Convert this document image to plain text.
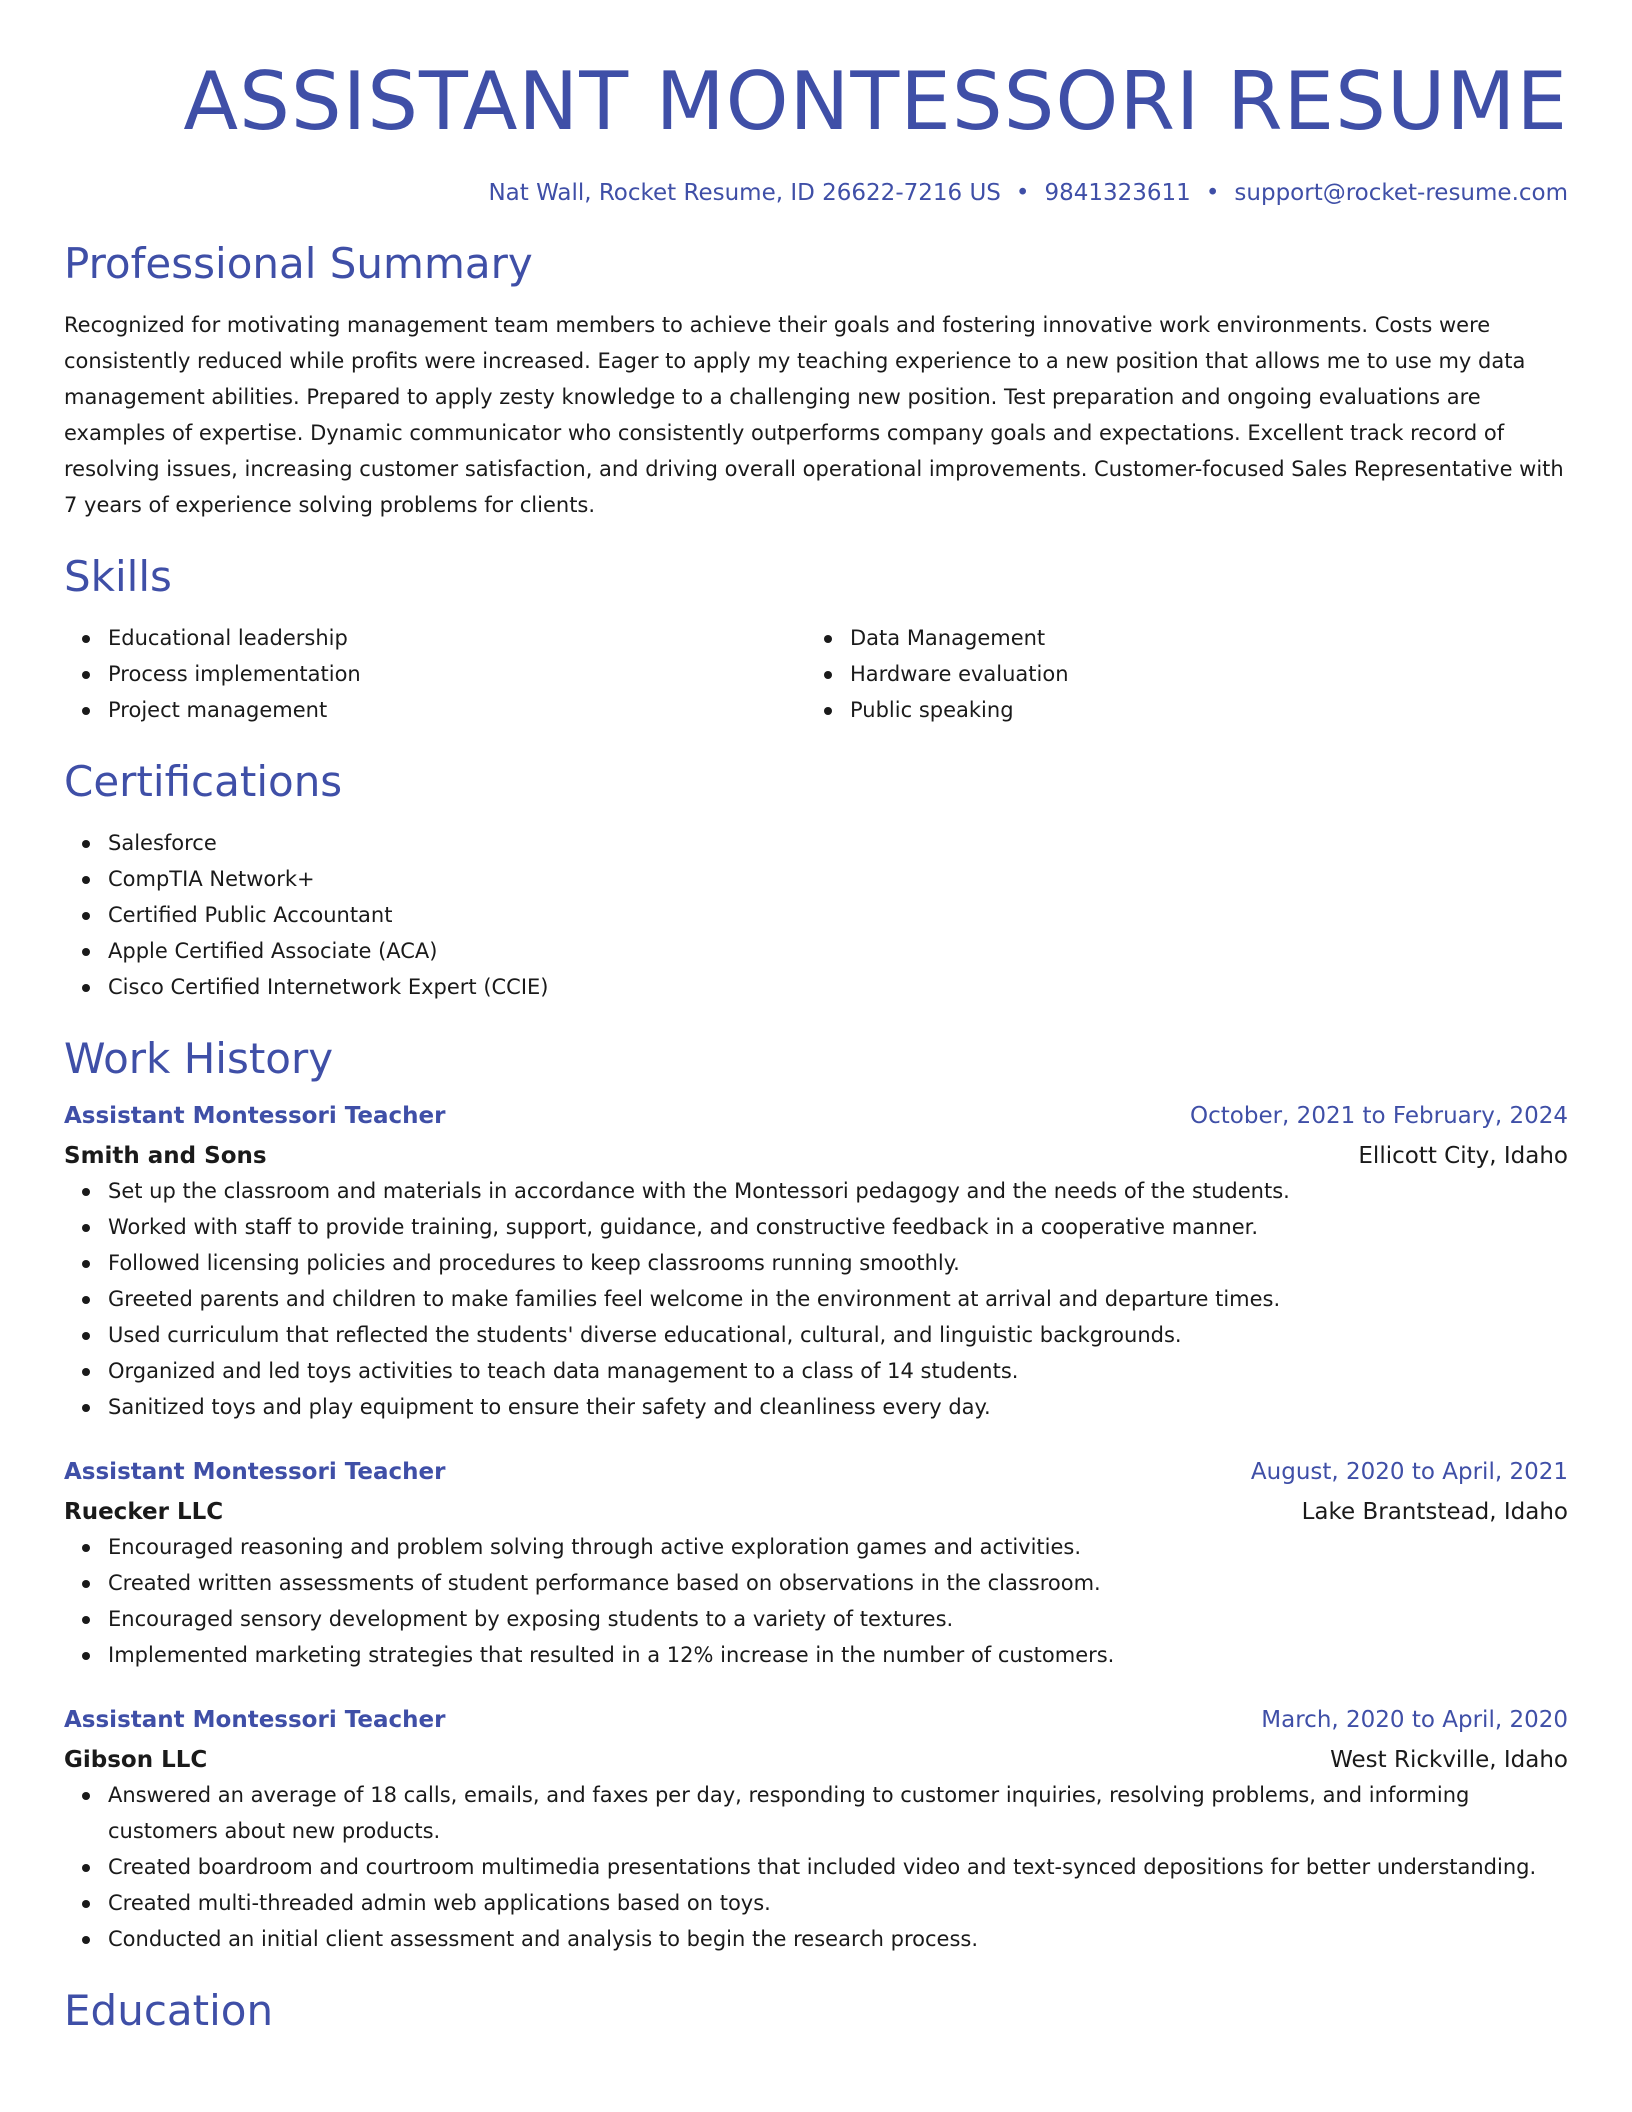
ASSISTANT MONTESSORI RESUME
Nat Wall, Rocket Resume, ID 26622-7216 US • 9841323611 • support@rocket-resume.com
Professional Summary

Recognized for motivating management team members to achieve their goals and fostering innovative work environments. Costs were consistently reduced while profits were increased. Eager to apply my teaching experience to a new position that allows me to use my data management abilities. Prepared to apply zesty knowledge to a challenging new position. Test preparation and ongoing evaluations are examples of expertise. Dynamic communicator who consistently outperforms company goals and expectations. Excellent track record of resolving issues, increasing customer satisfaction, and driving overall operational improvements. Customer-focused Sales Representative with 7 years of experience solving problems for clients.

Skills
Educational leadership
Process implementation
Project management
Data Management
Hardware evaluation
Public speaking
Certifications
Salesforce
CompTIA Network+
Certified Public Accountant
Apple Certified Associate (ACA)
Cisco Certified Internetwork Expert (CCIE)
Work History
Assistant Montessori Teacher	October, 2021 to February, 2024
Smith and Sons	Ellicott City, Idaho
Set up the classroom and materials in accordance with the Montessori pedagogy and the needs of the students.
Worked with staff to provide training, support, guidance, and constructive feedback in a cooperative manner.
Followed licensing policies and procedures to keep classrooms running smoothly.
Greeted parents and children to make families feel welcome in the environment at arrival and departure times.
Used curriculum that reflected the students' diverse educational, cultural, and linguistic backgrounds.
Organized and led toys activities to teach data management to a class of 14 students.
Sanitized toys and play equipment to ensure their safety and cleanliness every day.
Assistant Montessori Teacher	August, 2020 to April, 2021
Ruecker LLC	Lake Brantstead, Idaho
Encouraged reasoning and problem solving through active exploration games and activities.
Created written assessments of student performance based on observations in the classroom.
Encouraged sensory development by exposing students to a variety of textures.
Implemented marketing strategies that resulted in a 12% increase in the number of customers.
Assistant Montessori Teacher	March, 2020 to April, 2020
Gibson LLC	West Rickville, Idaho
Answered an average of 18 calls, emails, and faxes per day, responding to customer inquiries, resolving problems, and informing customers about new products.
Created boardroom and courtroom multimedia presentations that included video and text-synced depositions for better understanding.
Created multi-threaded admin web applications based on toys.
Conducted an initial client assessment and analysis to begin the research process.
Education
